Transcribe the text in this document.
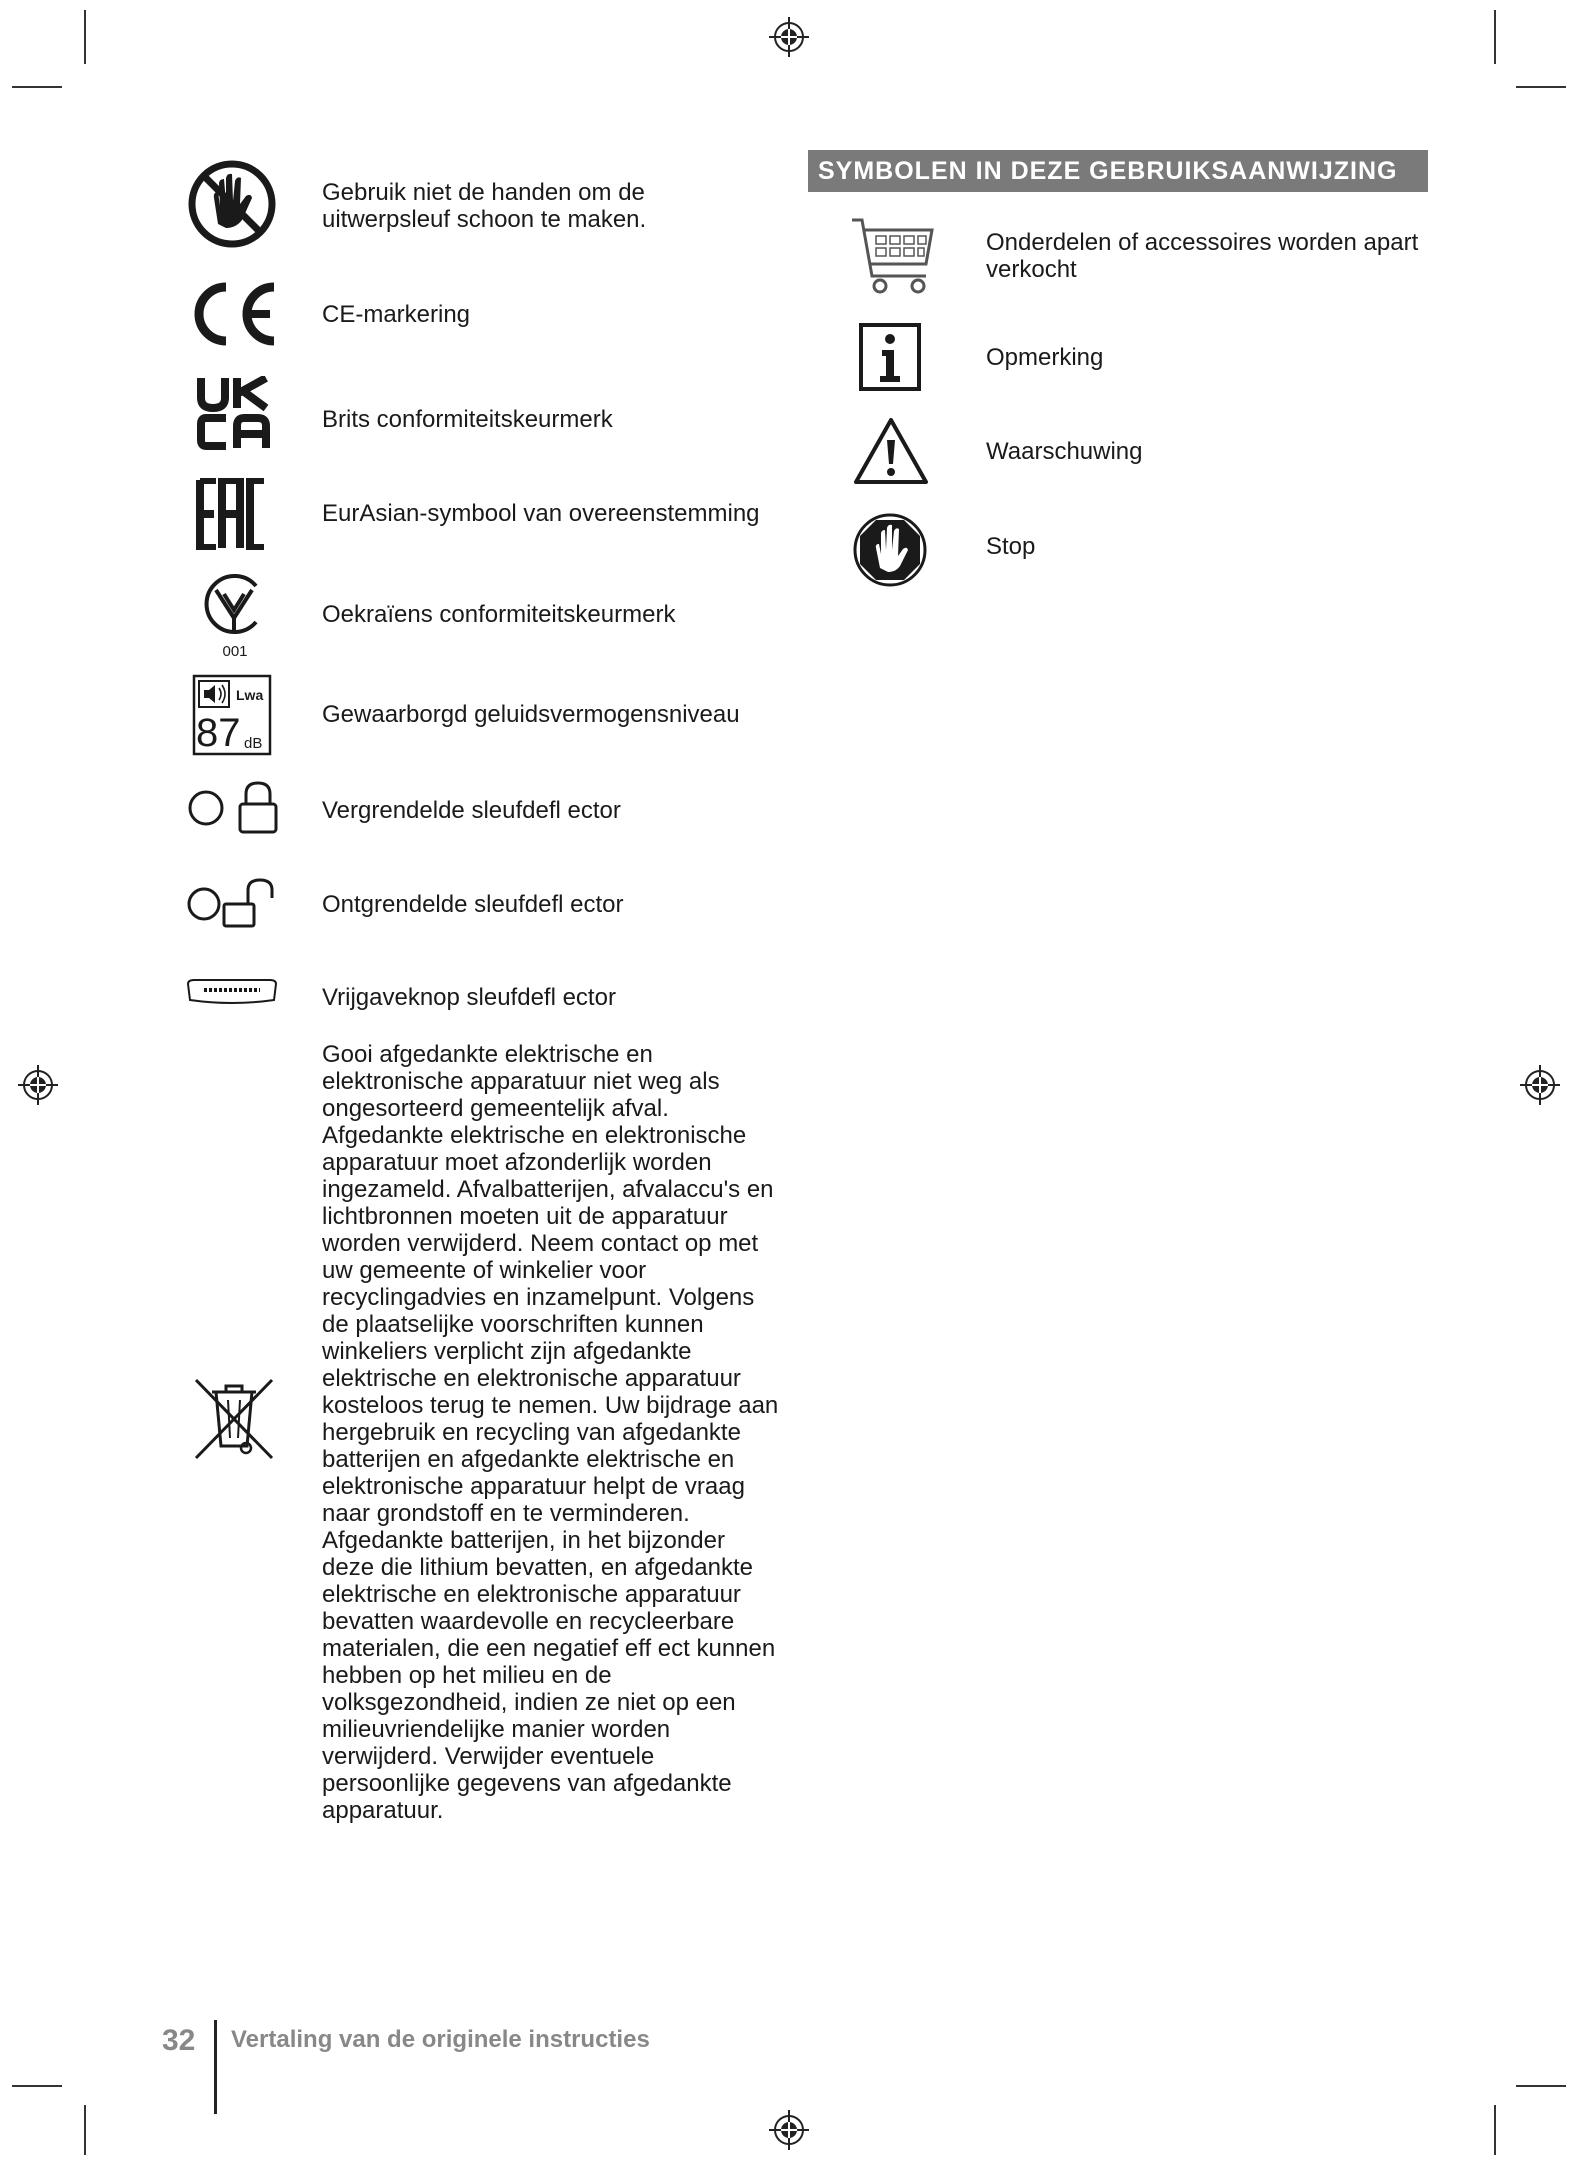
Gebruik niet de handen om de uitwerpsleuf schoon te maken.
CE-markering
Brits conformiteitskeurmerk
EurAsian-symbool van overeenstemming
001
Oekraïens conformiteitskeurmerk
Lwa
87 dB
Gewaarborgd geluidsvermogensniveau
Vergrendelde sleufdefl ector
Ontgrendelde sleufdefl ector
Vrijgaveknop sleufdefl ector
Gooi afgedankte elektrische en elektronische apparatuur niet weg als ongesorteerd gemeentelijk afval. Afgedankte elektrische en elektronische apparatuur moet afzonderlijk worden ingezameld. Afvalbatterijen, afvalaccu's en lichtbronnen moeten uit de apparatuur worden verwijderd. Neem contact op met uw gemeente of winkelier voor recyclingadvies en inzamelpunt. Volgens de plaatselijke voorschriften kunnen winkeliers verplicht zijn afgedankte elektrische en elektronische apparatuur kosteloos terug te nemen. Uw bijdrage aan hergebruik en recycling van afgedankte batterijen en afgedankte elektrische en elektronische apparatuur helpt de vraag naar grondstoff en te verminderen. Afgedankte batterijen, in het bijzonder deze die lithium bevatten, en afgedankte elektrische en elektronische apparatuur bevatten waardevolle en recycleerbare materialen, die een negatief eff ect kunnen hebben op het milieu en de volksgezondheid, indien ze niet op een milieuvriendelijke manier worden verwijderd. Verwijder eventuele persoonlijke gegevens van afgedankte apparatuur.
SYMBOLEN IN DEZE GEBRUIKSAANWIJZING
Onderdelen of accessoires worden apart verkocht
Opmerking
Waarschuwing
Stop
32 Vertaling van de originele instructies
